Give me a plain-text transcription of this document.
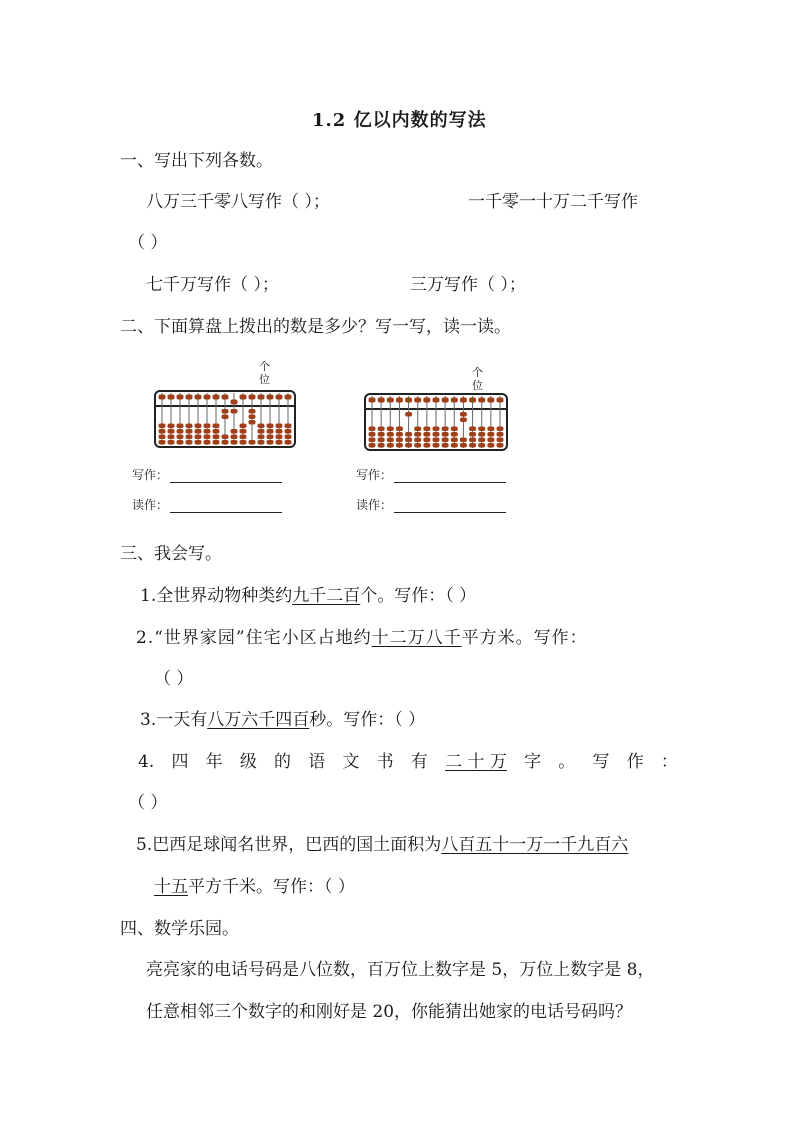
1.2 亿以内数的写法
一、写出下列各数。
八万三千零八写作（ ）；	一千零一十万二千写作
（ ）
七千万写作（ ）；	三万写作（ ）；
二、下面算盘上拨出的数是多少？写一写，读一读。
个
位
个
位
写作：
读作：
写作：
读作：
三、我会写。
1.全世界动物种类约九千二百个。写作：（ ）
2.“世界家园”住宅小区占地约十二万八千平方米。写作：
（ ）
3.一天有八万六千四百秒。写作：（ ）
4. 四 年 级 的 语 文 书 有 二 十 万 字 。 写 作 ：
（ ）
5.巴西足球闻名世界，巴西的国土面积为八百五十一万一千九百六
十五平方千米。写作：（ ）
四、数学乐园。
亮亮家的电话号码是八位数，百万位上数字是 5，万位上数字是 8，
任意相邻三个数字的和刚好是 20，你能猜出她家的电话号码吗？
